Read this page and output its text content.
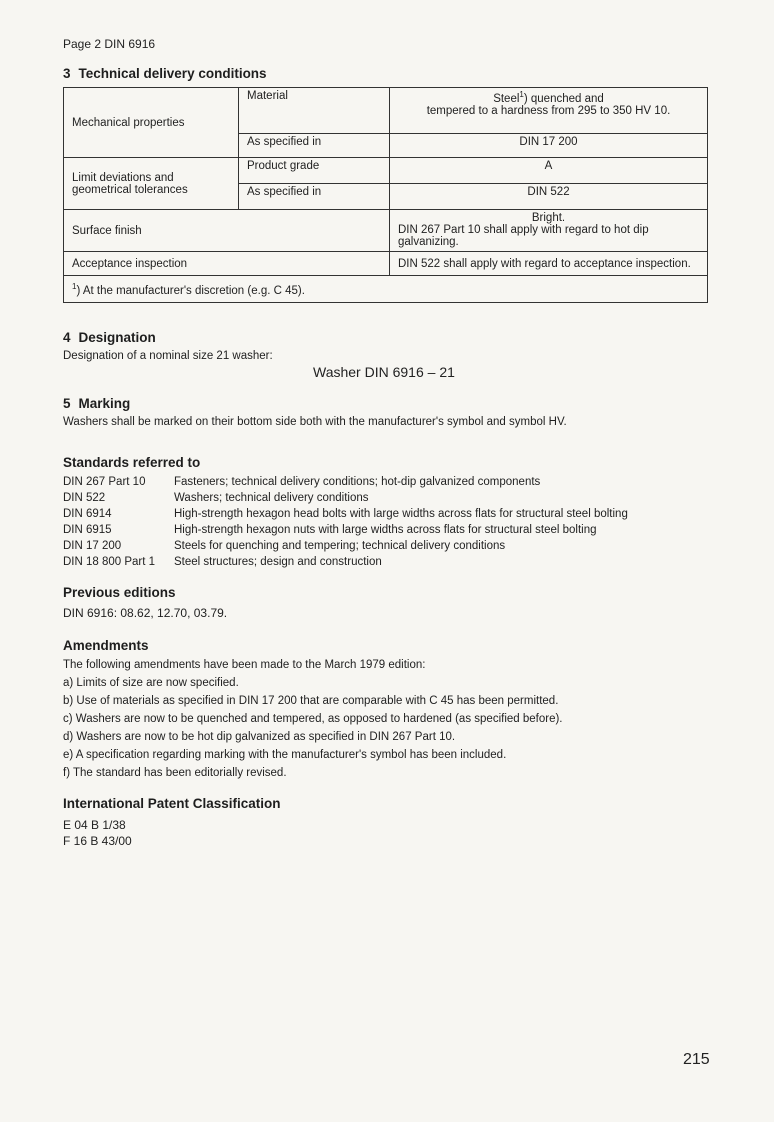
Page 2 DIN 6916
3 Technical delivery conditions
Mechanical properties	Material	Steel$^1$) quenched and
tempered to a hardness from 295 to 350 HV 10.
	As specified in	DIN 17 200
Limit deviations and geometrical tolerances	Product grade	A
	As specified in	DIN 522
Surface finish		Bright.
DIN 267 Part 10 shall apply with regard to hot dip galvanizing.

Acceptance inspection		DIN 522 shall apply with regard to acceptance inspection.
$^1$) At the manufacturer's discretion (e.g. C 45).		
4 Designation
Designation of a nominal size 21 washer:
Washer DIN 6916 – 21
5 Marking
Washers shall be marked on their bottom side both with the manufacturer's symbol and symbol HV.
Standards referred to
DIN 267 Part 10	Fasteners; technical delivery conditions; hot-dip galvanized components
DIN 522	Washers; technical delivery conditions
DIN 6914	High-strength hexagon head bolts with large widths across flats for structural steel bolting
DIN 6915	High-strength hexagon nuts with large widths across flats for structural steel bolting
DIN 17 200	Steels for quenching and tempering; technical delivery conditions
DIN 18 800 Part 1	Steel structures; design and construction
Previous editions
DIN 6916: 08.62, 12.70, 03.79.
Amendments
The following amendments have been made to the March 1979 edition:
a) Limits of size are now specified.
b) Use of materials as specified in DIN 17 200 that are comparable with C 45 has been permitted.
c) Washers are now to be quenched and tempered, as opposed to hardened (as specified before).
d) Washers are now to be hot dip galvanized as specified in DIN 267 Part 10.
e) A specification regarding marking with the manufacturer's symbol has been included.
f) The standard has been editorially revised.
International Patent Classification
E 04 B 1/38
F 16 B 43/00
215
